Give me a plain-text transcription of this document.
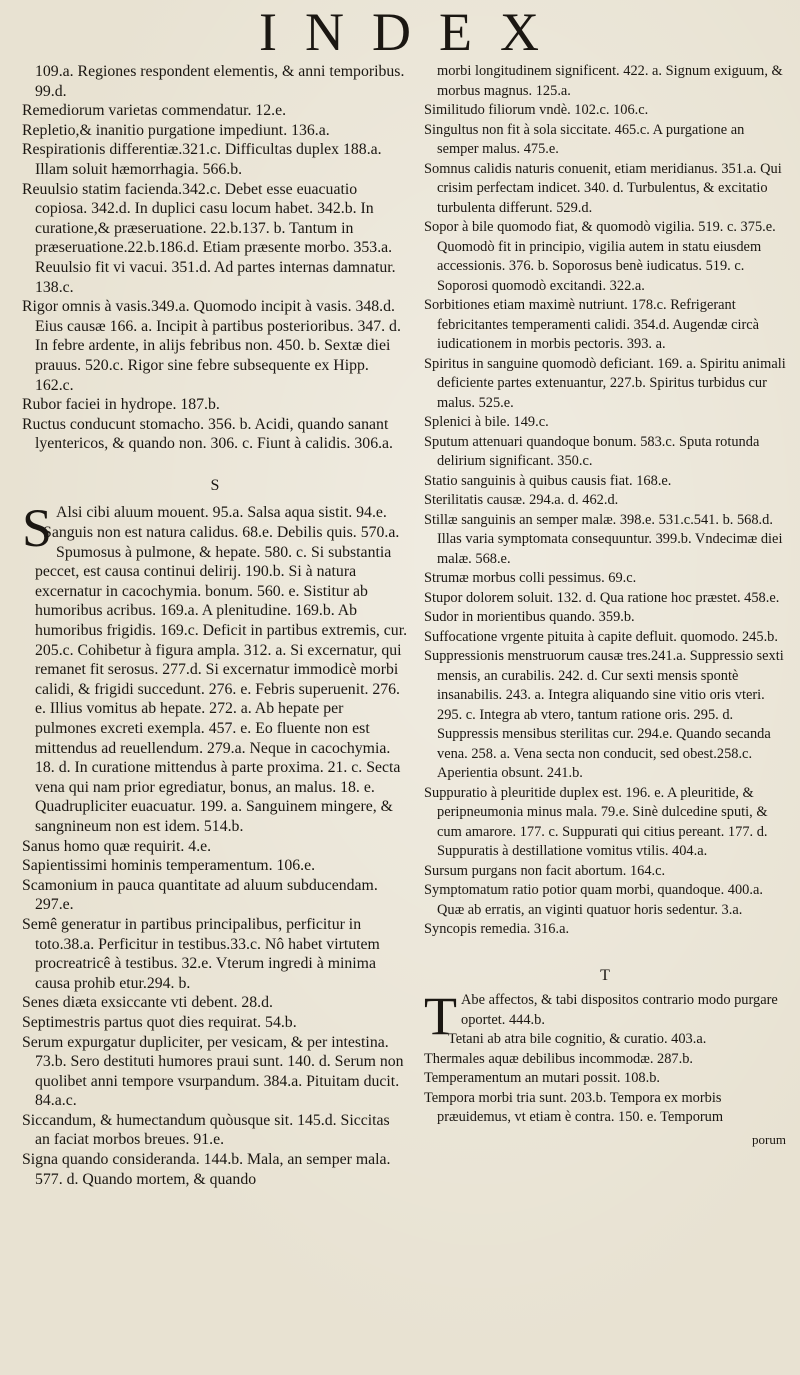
INDEX

109.a. Regiones respondent elementis, & anni temporibus. 99.d.

Remediorum varietas commendatur. 12.e.

Repletio,& inanitio purgatione impediunt. 136.a.

Respirationis differentiæ.321.c. Difficultas duplex 188.a. Illam soluit hæmorrhagia. 566.b.

Reuulsio statim facienda.342.c. Debet esse euacuatio copiosa. 342.d. In duplici casu locum habet. 342.b. In curatione,& præseruatione. 22.b.137. b. Tantum in præseruatione.22.b.186.d. Etiam præsente morbo. 353.a. Reuulsio fit vi vacui. 351.d. Ad partes internas damnatur. 138.c.

Rigor omnis à vasis.349.a. Quomodo incipit à vasis. 348.d. Eius causæ 166. a. Incipit à partibus posterioribus. 347. d. In febre ardente, in alijs febribus non. 450. b. Sextæ diei prauus. 520.c. Rigor sine febre subsequente ex Hipp. 162.c.

Rubor faciei in hydrope. 187.b.

Ructus conducunt stomacho. 356. b. Acidi, quando sanant lyentericos, & quando non. 306. c. Fiunt à calidis. 306.a.

S

S Alsi cibi aluum mouent. 95.a. Salsa aqua sistit. 94.e.

Sanguis non est natura calidus. 68.e. Debilis quis. 570.a. Spumosus à pulmone, & hepate. 580. c. Si substantia peccet, est causa continui delirij. 190.b. Si à natura excernatur in cacochymia. bonum. 560. e. Sistitur ab humoribus acribus. 169.a. A plenitudine. 169.b. Ab humoribus frigidis. 169.c. Deficit in partibus extremis, cur. 205.c. Cohibetur à figura ampla. 312. a. Si excernatur, qui remanet fit serosus. 277.d. Si excernatur immodicè morbi calidi, & frigidi succedunt. 276. e. Febris superuenit. 276. e. Illius vomitus ab hepate. 272. a. Ab hepate per pulmones excreti exempla. 457. e. Eo fluente non est mittendus ad reuellendum. 279.a. Neque in cacochymia. 18. d. In curatione mittendus à parte proxima. 21. c. Secta vena qui nam prior egrediatur, bonus, an malus. 18. e. Quadrupliciter euacuatur. 199. a. Sanguinem mingere, & sangnineum non est idem. 514.b.

Sanus homo quæ requirit. 4.e.

Sapientissimi hominis temperamentum. 106.e.

Scamonium in pauca quantitate ad aluum subducendam. 297.e.

Semê generatur in partibus principalibus, perficitur in toto.38.a. Perficitur in testibus.33.c. Nô habet virtutem procreatricê à testibus. 32.e. Vterum ingredi à minima causa prohib etur.294. b.

Senes diæta exsiccante vti debent. 28.d.

Septimestris partus quot dies requirat. 54.b.

Serum expurgatur dupliciter, per vesicam, & per intestina. 73.b. Sero destituti humores praui sunt. 140. d. Serum non quolibet anni tempore vsurpandum. 384.a. Pituitam ducit. 84.a.c.

Siccandum, & humectandum quòusque sit. 145.d. Siccitas an faciat morbos breues. 91.e.

Signa quando consideranda. 144.b. Mala, an semper mala. 577. d. Quando mortem, & quando

morbi longitudinem significent. 422. a. Signum exiguum, & morbus magnus. 125.a.

Similitudo filiorum vndè. 102.c. 106.c.

Singultus non fit à sola siccitate. 465.c. A purgatione an semper malus. 475.e.

Somnus calidis naturis conuenit, etiam meridianus. 351.a. Qui crisim perfectam indicet. 340. d. Turbulentus, & excitatio turbulenta differunt. 529.d.

Sopor à bile quomodo fiat, & quomodò vigilia. 519. c. 375.e. Quomodò fit in principio, vigilia autem in statu eiusdem accessionis. 376. b. Soporosus benè iudicatus. 519. c. Soporosi quomodò excitandi. 322.a.

Sorbitiones etiam maximè nutriunt. 178.c. Refrigerant febricitantes temperamenti calidi. 354.d. Augendæ circà iudicationem in morbis pectoris. 393. a.

Spiritus in sanguine quomodò deficiant. 169. a. Spiritu animali deficiente partes extenuantur, 227.b. Spiritus turbidus cur malus. 525.e.

Splenici à bile. 149.c.

Sputum attenuari quandoque bonum. 583.c. Sputa rotunda delirium significant. 350.c.

Statio sanguinis à quibus causis fiat. 168.e.

Sterilitatis causæ. 294.a. d. 462.d.

Stillæ sanguinis an semper malæ. 398.e. 531.c.541. b. 568.d. Illas varia symptomata consequuntur. 399.b. Vndecimæ diei malæ. 568.e.

Strumæ morbus colli pessimus. 69.c.

Stupor dolorem soluit. 132. d. Qua ratione hoc præstet. 458.e.

Sudor in morientibus quando. 359.b.

Suffocatione vrgente pituita à capite defluit. quomodo. 245.b.

Suppressionis menstruorum causæ tres.241.a. Suppressio sexti mensis, an curabilis. 242. d. Cur sexti mensis spontè insanabilis. 243. a. Integra aliquando sine vitio oris vteri. 295. c. Integra ab vtero, tantum ratione oris. 295. d. Suppressis mensibus sterilitas cur. 294.e. Quando secanda vena. 258. a. Vena secta non conducit, sed obest.258.c. Aperientia obsunt. 241.b.

Suppuratio à pleuritide duplex est. 196. e. A pleuritide, & peripneumonia minus mala. 79.e. Sinè dulcedine sputi, & cum amarore. 177. c. Suppurati qui citius pereant. 177. d. Suppuratis à destillatione vomitus vtilis. 404.a.

Sursum purgans non facit abortum. 164.c.

Symptomatum ratio potior quam morbi, quandoque. 400.a. Quæ ab erratis, an viginti quatuor horis sedentur. 3.a.

Syncopis remedia. 316.a.

T

T Abe affectos, & tabi dispositos contrario modo purgare oportet. 444.b.

Tetani ab atra bile cognitio, & curatio. 403.a.

Thermales aquæ debilibus incommodæ. 287.b.

Temperamentum an mutari possit. 108.b.

Tempora morbi tria sunt. 203.b. Tempora ex morbis præuidemus, vt etiam è contra. 150. e. Temporum

porum
